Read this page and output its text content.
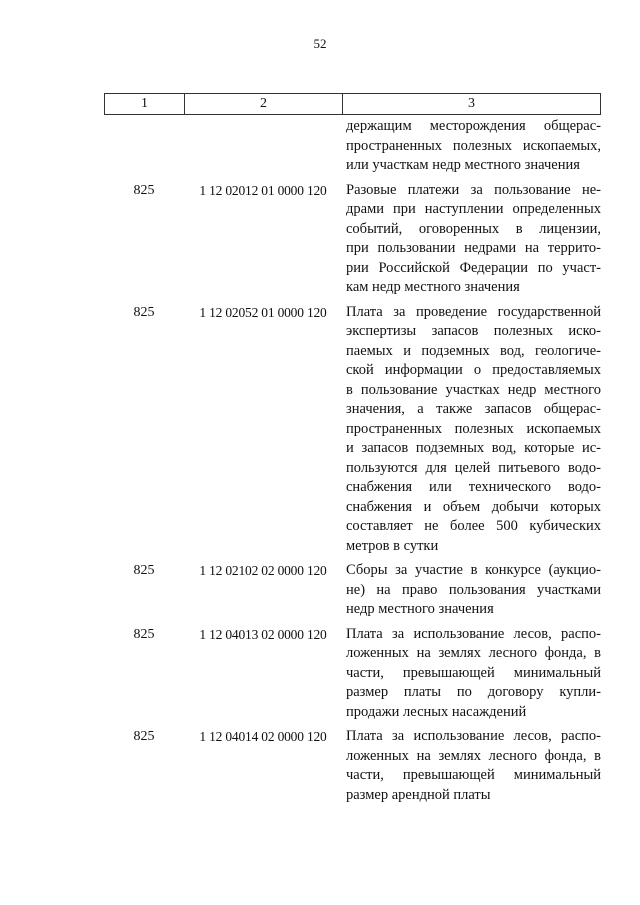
52
1	2	3
держащим месторождения общерас-
пространенных полезных ископаемых,
или участкам недр местного значения
825	1 12 02012 01 0000 120	Разовые платежи за пользование не-
драми при наступлении определенных
событий, оговоренных в лицензии,
при пользовании недрами на террито-
рии Российской Федерации по участ-
кам недр местного значения
825	1 12 02052 01 0000 120	Плата за проведение государственной
экспертизы запасов полезных иско-
паемых и подземных вод, геологиче-
ской информации о предоставляемых
в пользование участках недр местного
значения, а также запасов общерас-
пространенных полезных ископаемых
и запасов подземных вод, которые ис-
пользуются для целей питьевого водо-
снабжения или технического водо-
снабжения и объем добычи которых
составляет не более 500 кубических
метров в сутки
825	1 12 02102 02 0000 120	Сборы за участие в конкурсе (аукцио-
не) на право пользования участками
недр местного значения
825	1 12 04013 02 0000 120	Плата за использование лесов, распо-
ложенных на землях лесного фонда, в
части, превышающей минимальный
размер платы по договору купли-
продажи лесных насаждений
825	1 12 04014 02 0000 120	Плата за использование лесов, распо-
ложенных на землях лесного фонда, в
части, превышающей минимальный
размер арендной платы
